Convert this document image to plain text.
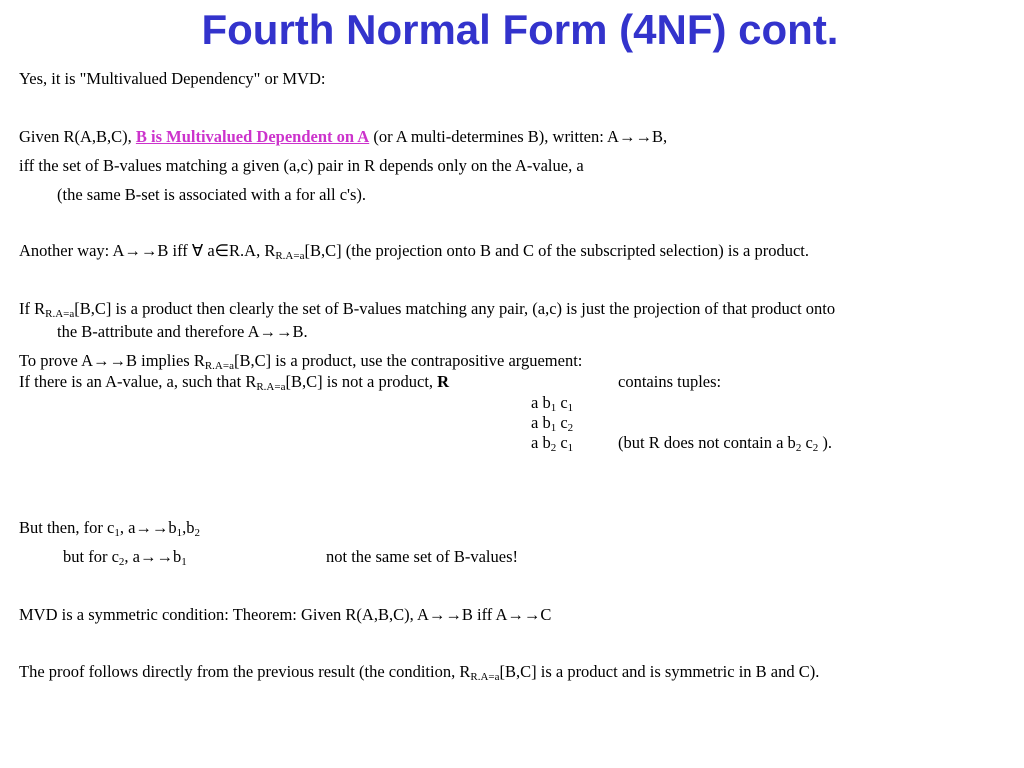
Fourth Normal Form (4NF) cont.
Yes, it is "Multivalued Dependency" or MVD:
Given R(A,B,C), B is Multivalued Dependent on A (or A multi-determines B), written: A→→B,
iff the set of B-values matching a given (a,c) pair in R depends only on the A-value, a
(the same B-set is associated with a for all c's).
Another way: A→→B iff ∀ a∈R.A, $R_{R.A=a}[B,C]$ (the projection onto B and C of the subscripted selection) is a product.
If $R_{R.A=a}[B,C]$ is a product then clearly the set of B-values matching any pair, (a,c) is just the projection of that product onto
the B-attribute and therefore A→→B.
To prove A→→B implies $R_{R.A=a}[B,C]$ is a product, use the contrapositive arguement:
If there is an A-value, a, such that $R_{R.A=a}[B,C]$ is not a product, R	contains tuples:
a $b_1$ $c_1$
a $b_1$ $c_2$
a $b_2$ $c_1$	(but R does not contain a $b_2$ $c_2$ ).
But then, for $c_1$, $a\to\to b_1,b_2$
but for $c_2$, $a\to\to b_1$	not the same set of B-values!
MVD is a symmetric condition: Theorem: Given R(A,B,C), A→→B iff A→→C
The proof follows directly from the previous result (the condition, $R_{R.A=a}[B,C]$ is a product and is symmetric in B and C).
